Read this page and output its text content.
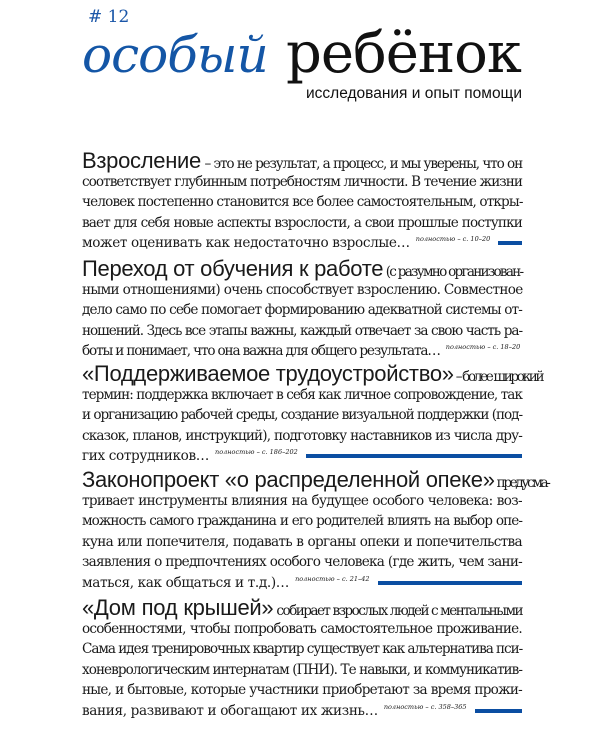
# 12
особый ребёнок
исследования и опыт помощи
Взросление – это не результат, а процесс, и мы уверены, что он
соответствует глубинным потребностям личности. В течение жизни
человек постепенно становится все более самостоятельным, откры-
вает для себя новые аспекты взрослости, а свои прошлые поступки
может оценивать как недостаточно взрослые… полностью – с. 10–20
Переход от обучения к работе (с разумно организован-
ными отношениями) очень способствует взрослению. Совместное
дело само по себе помогает формированию адекватной системы от-
ношений. Здесь все этапы важны, каждый отвечает за свою часть ра-
боты и понимает, что она важна для общего результата… полностью – с. 18–20
«Поддерживаемое трудоустройство» – более широкий
термин: поддержка включает в себя как личное сопровождение, так
и организацию рабочей среды, создание визуальной поддержки (под-
сказок, планов, инструкций), подготовку наставников из числа дру-
гих сотрудников… полностью – с. 186–202
Законопроект «о распределенной опеке» предусма-
тривает инструменты влияния на будущее особого человека: воз-
можность самого гражданина и его родителей влиять на выбор опе-
куна или попечителя, подавать в органы опеки и попечительства
заявления о предпочтениях особого человека (где жить, чем зани-
маться, как общаться и т.д.)… полностью – с. 21–42
«Дом под крышей» собирает взрослых людей с ментальными
особенностями, чтобы попробовать самостоятельное проживание.
Сама идея тренировочных квартир существует как альтернатива пси-
хоневрологическим интернатам (ПНИ). Те навыки, и коммуникатив-
ные, и бытовые, которые участники приобретают за время прожи-
вания, развивают и обогащают их жизнь… полностью – с. 358–365
